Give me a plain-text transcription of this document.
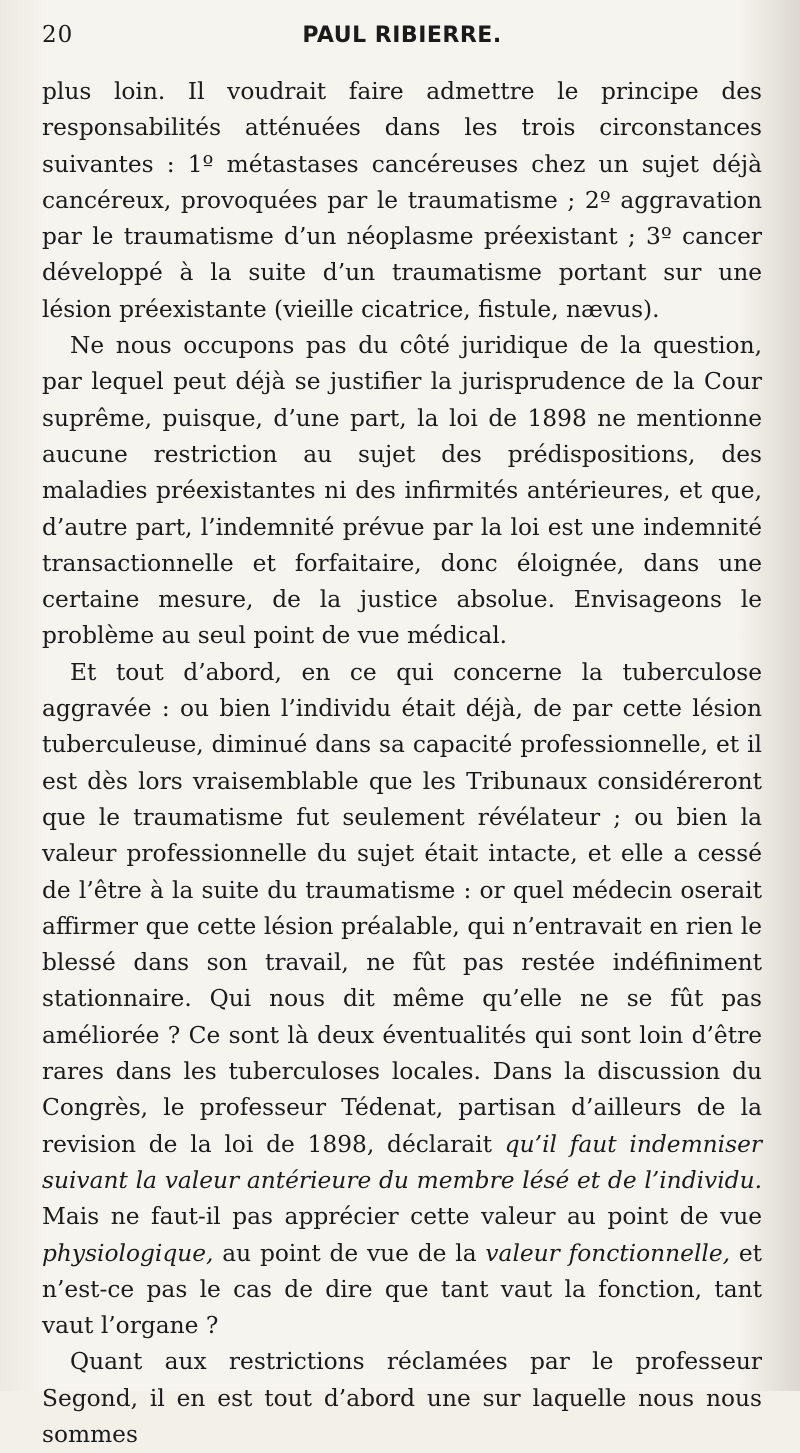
20	PAUL RIBIERRE.

plus loin. Il voudrait faire admettre le principe des responsabilités atténuées dans les trois circonstances suivantes : 1º métastases cancéreuses chez un sujet déjà cancéreux, provoquées par le traumatisme ; 2º aggravation par le traumatisme d’un néoplasme préexistant ; 3º cancer développé à la suite d’un traumatisme portant sur une lésion préexistante (vieille cicatrice, fistule, nævus).

Ne nous occupons pas du côté juridique de la question, par lequel peut déjà se justifier la jurisprudence de la Cour suprême, puisque, d’une part, la loi de 1898 ne mentionne aucune restriction au sujet des prédispositions, des maladies préexistantes ni des infirmités antérieures, et que, d’autre part, l’indemnité prévue par la loi est une indemnité transactionnelle et forfaitaire, donc éloignée, dans une certaine mesure, de la justice absolue. Envisageons le problème au seul point de vue médical.

Et tout d’abord, en ce qui concerne la tuberculose aggravée : ou bien l’individu était déjà, de par cette lésion tuberculeuse, diminué dans sa capacité professionnelle, et il est dès lors vraisemblable que les Tribunaux considéreront que le traumatisme fut seulement révélateur ; ou bien la valeur professionnelle du sujet était intacte, et elle a cessé de l’être à la suite du traumatisme : or quel médecin oserait affirmer que cette lésion préalable, qui n’entravait en rien le blessé dans son travail, ne fût pas restée indéfiniment stationnaire. Qui nous dit même qu’elle ne se fût pas améliorée ? Ce sont là deux éventualités qui sont loin d’être rares dans les tuberculoses locales. Dans la discussion du Congrès, le professeur Tédenat, partisan d’ailleurs de la revision de la loi de 1898, déclarait qu’il faut indemniser suivant la valeur antérieure du membre lésé et de l’individu. Mais ne faut-il pas apprécier cette valeur au point de vue physiologique, au point de vue de la valeur fonctionnelle, et n’est-ce pas le cas de dire que tant vaut la fonction, tant vaut l’organe ?

Quant aux restrictions réclamées par le professeur Segond, il en est tout d’abord une sur laquelle nous nous sommes
